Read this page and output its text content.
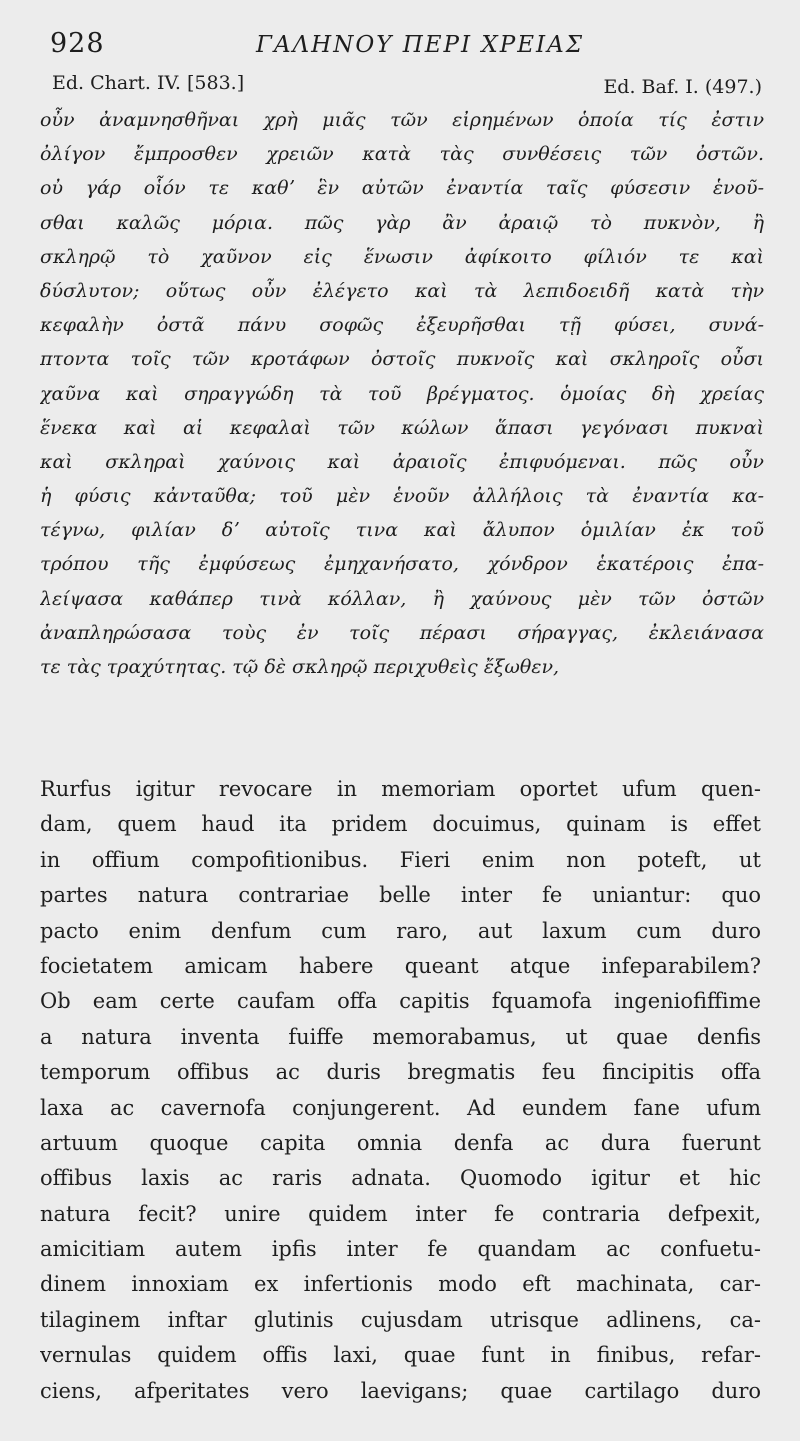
928	ΓΑΛΗΝΟΥ ΠΕΡΙ ΧΡΕΙΑΣ
Ed. Chart. IV. [583.]	Ed. Baf. I. (497.)
οὖν ἀναμνησθῆναι χρὴ μιᾶς τῶν εἰρημένων ὁποία τίς ἐστιν
ὀλίγον ἔμπροσθεν χρειῶν κατὰ τὰς συνθέσεις τῶν ὀστῶν.
οὐ γάρ οἷόν τε καθʼ ἓν αὐτῶν ἐναντία ταῖς φύσεσιν ἑνοῦ-
σθαι καλῶς μόρια. πῶς γὰρ ἂν ἀραιῷ τὸ πυκνὸν, ἢ
σκληρῷ τὸ χαῦνον εἰς ἕνωσιν ἀφίκοιτο φίλιόν τε καὶ
δύσλυτον; οὕτως οὖν ἐλέγετο καὶ τὰ λεπιδοειδῆ κατὰ τὴν
κεφαλὴν ὀστᾶ πάνυ σοφῶς ἐξευρῆσθαι τῇ φύσει, συνά-
πτοντα τοῖς τῶν κροτάφων ὀστοῖς πυκνοῖς καὶ σκληροῖς οὖσι
χαῦνα καὶ σηραγγώδη τὰ τοῦ βρέγματος. ὁμοίας δὴ χρείας
ἕνεκα καὶ αἱ κεφαλαὶ τῶν κώλων ἅπασι γεγόνασι πυκναὶ
καὶ σκληραὶ χαύνοις καὶ ἀραιοῖς ἐπιφυόμεναι. πῶς οὖν
ἡ φύσις κἀνταῦθα; τοῦ μὲν ἑνοῦν ἀλλήλοις τὰ ἐναντία κα-
τέγνω, φιλίαν δʼ αὐτοῖς τινα καὶ ἄλυπον ὁμιλίαν ἐκ τοῦ
τρόπου τῆς ἐμφύσεως ἐμηχανήσατο, χόνδρον ἑκατέροις ἐπα-
λείψασα καθάπερ τινὰ κόλλαν, ἢ χαύνους μὲν τῶν ὀστῶν
ἀναπληρώσασα τοὺς ἐν τοῖς πέρασι σήραγγας, ἐκλειάνασα
τε τὰς τραχύτητας. τῷ δὲ σκληρῷ περιχυθεὶς ἔξωθεν,
Rurfus igitur revocare in memoriam oportet ufum quen-
dam, quem haud ita pridem docuimus, quinam is effet
in offium compofitionibus. Fieri enim non poteft, ut
partes natura contrariae belle inter fe uniantur: quo
pacto enim denfum cum raro, aut laxum cum duro
focietatem amicam habere queant atque infeparabilem?
Ob eam certe caufam offa capitis fquamofa ingeniofiffime
a natura inventa fuiffe memorabamus, ut quae denfis
temporum offibus ac duris bregmatis feu fincipitis offa
laxa ac cavernofa conjungerent. Ad eundem fane ufum
artuum quoque capita omnia denfa ac dura fuerunt
offibus laxis ac raris adnata. Quomodo igitur et hic
natura fecit? unire quidem inter fe contraria defpexit,
amicitiam autem ipfis inter fe quandam ac confuetu-
dinem innoxiam ex infertionis modo eft machinata, car-
tilaginem inftar glutinis cujusdam utrisque adlinens, ca-
vernulas quidem offis laxi, quae funt in finibus, refar-
ciens, afperitates vero laevigans; quae cartilago duro
